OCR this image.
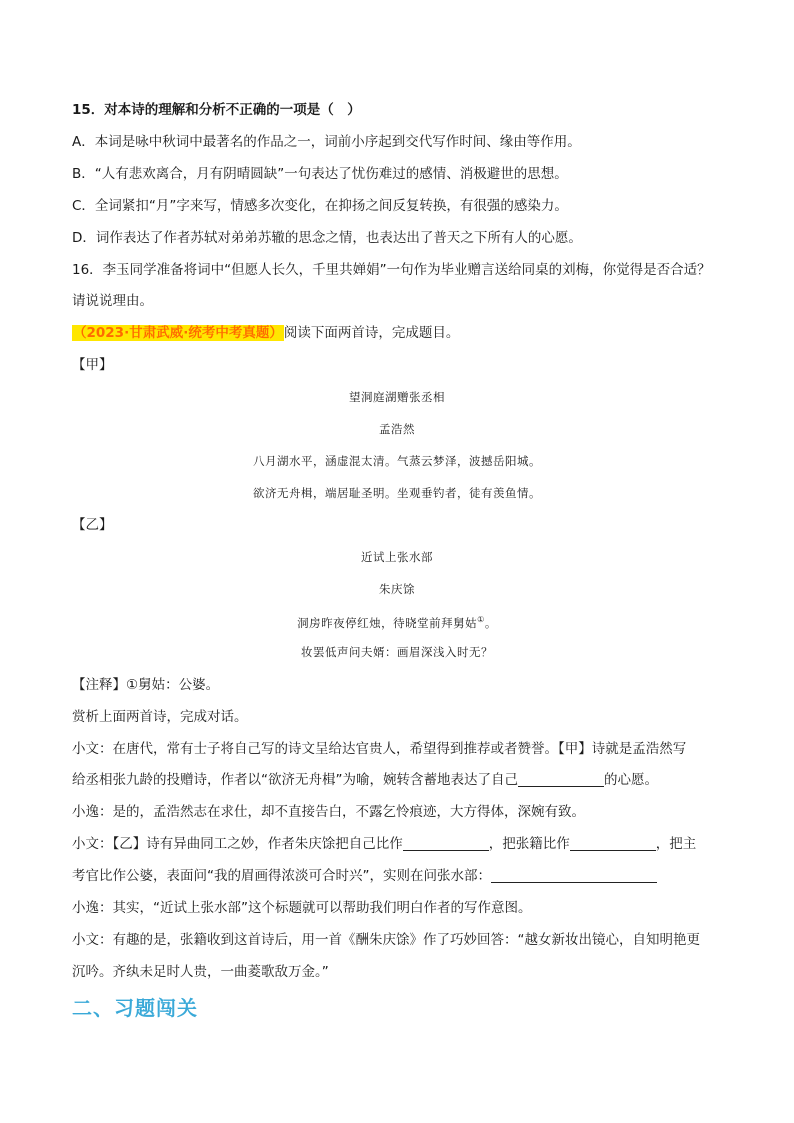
15．对本诗的理解和分析不正确的一项是（　）
A．本词是咏中秋词中最著名的作品之一，词前小序起到交代写作时间、缘由等作用。
B．“人有悲欢离合，月有阴晴圆缺”一句表达了忧伤难过的感情、消极避世的思想。
C．全词紧扣“月”字来写，情感多次变化，在抑扬之间反复转换，有很强的感染力。
D．词作表达了作者苏轼对弟弟苏辙的思念之情，也表达出了普天之下所有人的心愿。
16．李玉同学准备将词中“但愿人长久，千里共婵娟”一句作为毕业赠言送给同桌的刘梅，你觉得是否合适？
请说说理由。
（2023·甘肃武威·统考中考真题）阅读下面两首诗，完成题目。
【甲】
望洞庭湖赠张丞相
孟浩然
八月湖水平，涵虚混太清。气蒸云梦泽，波撼岳阳城。
欲济无舟楫，端居耻圣明。坐观垂钓者，徒有羡鱼情。
【乙】
近试上张水部
朱庆馀
洞房昨夜停红烛，待晓堂前拜舅姑①。
妆罢低声问夫婿：画眉深浅入时无？
【注释】①舅姑：公婆。
赏析上面两首诗，完成对话。
小文：在唐代，常有士子将自己写的诗文呈给达官贵人，希望得到推荐或者赞誉。【甲】诗就是孟浩然写
给丞相张九龄的投赠诗，作者以“欲济无舟楫”为喻，婉转含蓄地表达了自己	的心愿。
小逸：是的，孟浩然志在求仕，却不直接告白，不露乞怜痕迹，大方得体，深婉有致。
小文：【乙】诗有异曲同工之妙，作者朱庆馀把自己比作	，把张籍比作	，把主
考官比作公婆，表面问“我的眉画得浓淡可合时兴”，实则在问张水部：
小逸：其实，“近试上张水部”这个标题就可以帮助我们明白作者的写作意图。
小文：有趣的是，张籍收到这首诗后，用一首《酬朱庆馀》作了巧妙回答：“越女新妆出镜心，自知明艳更
沉吟。齐纨未足时人贵，一曲菱歌敌万金。”
二、习题闯关
